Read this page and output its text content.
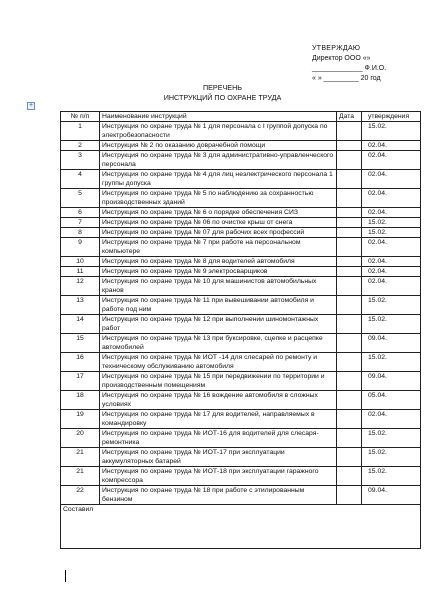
УТВЕРЖДАЮ
Директор ООО «»
_____________ Ф.И.О.
« » _________ 20 год
ПЕРЕЧЕНЬ
ИНСТРУКЦИЙ ПО ОХРАНЕ ТРУДА
+
№ п/п	Наименование инструкций	Дата	утверждения
1	Инструкция по охране труда № 1 для персонала с I группой допуска по электробезопасности		15.02.
2	Инструкция № 2 по оказанию доврачебной помощи		02.04.
3	Инструкция по охране труда № 3 для административно-управленческого персонала		02.04.
4	Инструкция по охране труда № 4 для лиц неэлектрического персонала 1 группы допуска		02.04.
5	Инструкция по охране труда № 5 по наблюдению за сохранностью производственных зданий		02.04.
6	Инструкция по охране труда № 6 о порядке обеспечения СИЗ		02.04.
7	Инструкция по охране труда № 06 по очистке крыш от снега		15.02.
8	Инструкция по охране труда № 07 для рабочих всех профессий		15.02.
9	Инструкция по охране труда № 7 при работе на персональном компьютере		02.04.
10	Инструкция по охране труда № 8 для водителей автомобиля		02.04.
11	Инструкция по охране труда № 9 электросварщиков		02.04.
12	Инструкция по охране труда № 10 для машинистов автомобильных кранов		02.04.
13	Инструкция по охране труда № 11 при вывешивании автомобиля и работе под ним		15.02.
14	Инструкция по охране труда № 12 при выполнении шиномонтажных работ		15.02.
15	Инструкция по охране труда № 13 при буксировке, сцепке и расцепке автомобилей		09.04.
16	Инструкция по охране труда № ИОТ -14 для слесарей по ремонту и техническому обслуживанию автомобиля		15.02.
17	Инструкция по охране труда № 15 при передвижении по территории и производственным помещениям		09.04.
18	Инструкция по охране труда № 16 вождение автомобиля в сложных условиях		05.04.
19	Инструкция по охране труда № 17 для водителей, направляемых в командировку		02.04.
20	Инструкция по охране труда № ИОТ-16 для водителей для слесаря-ремонтника		15.02.
21	Инструкция по охране труда № ИОТ-17 при эксплуатации аккумуляторных батарей		15.02.
21	Инструкция по охране труда № ИОТ-18 при эксплуатации гаражного компрессора		15.02.
22	Инструкция по охране труда № 18 при работе с этилированным бензином		09.04.
Составил			
